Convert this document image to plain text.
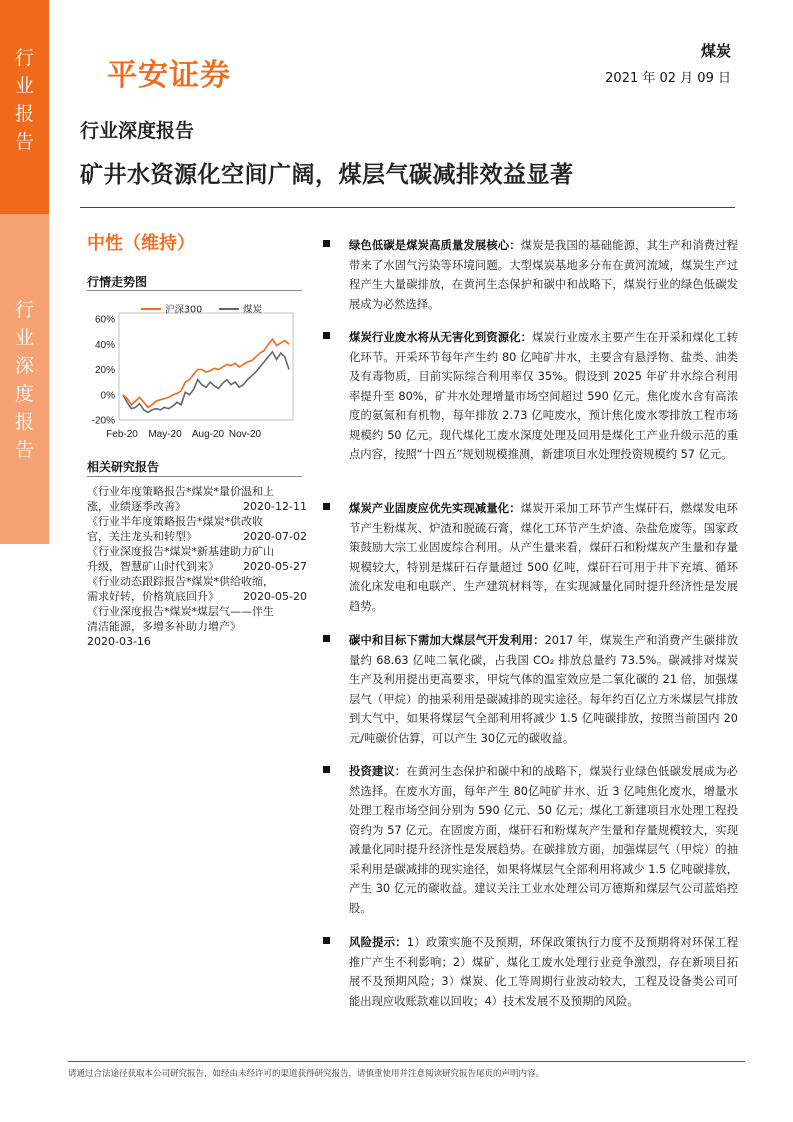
行
业
报
告
行
业
深
度
报
告
平安证券
煤炭
2021 年 02 月 09 日
行业深度报告
矿井水资源化空间广阔，煤层气碳减排效益显著
中性（维持）
行情走势图
60%
40%
20%
0%
-20%
Feb-20 May-20 Aug-20 Nov-20
沪深300	煤炭
相关研究报告
《行业年度策略报告*煤炭*量价温和上
涨，业绩逐季改善》	2020-12-11
《行业半年度策略报告*煤炭*供改收
官，关注龙头和转型》	2020-07-02
《行业深度报告*煤炭*新基建助力矿山
升级，智慧矿山时代到来》 2020-05-27
《行业动态跟踪报告*煤炭*供给收缩，
需求好转，价格筑底回升》 2020-05-20
《行业深度报告*煤炭*煤层气——伴生
清洁能源，多增多补助力增产》
2020-03-16
绿色低碳是煤炭高质量发展核心：煤炭是我国的基础能源，其生产和消费过程带来了水固气污染等环境问题。大型煤炭基地多分布在黄河流域，煤炭生产过程产生大量碳排放，在黄河生态保护和碳中和战略下，煤炭行业的绿色低碳发展成为必然选择。
煤炭行业废水将从无害化到资源化：煤炭行业废水主要产生在开采和煤化工转化环节。开采环节每年产生约 80 亿吨矿井水，主要含有悬浮物、盐类、油类及有毒物质，目前实际综合利用率仅 35%。假设到 2025 年矿井水综合利用率提升至 80%，矿井水处理增量市场空间超过 590 亿元。焦化废水含有高浓度的氨氮和有机物，每年排放 2.73 亿吨废水，预计焦化废水零排放工程市场规模约 50 亿元。现代煤化工废水深度处理及回用是煤化工产业升级示范的重点内容，按照“十四五”规划规模推测，新建项目水处理投资规模约 57 亿元。
煤炭产业固废应优先实现减量化：煤炭开采加工环节产生煤矸石，燃煤发电环节产生粉煤灰、炉渣和脱硫石膏，煤化工环节产生炉渣、杂盐危废等。国家政策鼓励大宗工业固废综合利用。从产生量来看，煤矸石和粉煤灰产生量和存量规模较大，特别是煤矸石存量超过 500 亿吨，煤矸石可用于井下充填、循环流化床发电和电联产、生产建筑材料等，在实现减量化同时提升经济性是发展趋势。
碳中和目标下需加大煤层气开发利用：2017 年，煤炭生产和消费产生碳排放量约 68.63 亿吨二氧化碳，占我国 CO₂ 排放总量约 73.5%。碳减排对煤炭生产及利用提出更高要求，甲烷气体的温室效应是二氧化碳的 21 倍，加强煤层气（甲烷）的抽采利用是碳减排的现实途径。每年约百亿立方米煤层气排放到大气中，如果将煤层气全部利用将减少 1.5 亿吨碳排放，按照当前国内 20元/吨碳价估算，可以产生 30亿元的碳收益。
投资建议：在黄河生态保护和碳中和的战略下，煤炭行业绿色低碳发展成为必然选择。在废水方面，每年产生 80亿吨矿井水、近 3 亿吨焦化废水，增量水处理工程市场空间分别为 590 亿元、50 亿元；煤化工新建项目水处理工程投资约为 57 亿元。在固废方面，煤矸石和粉煤灰产生量和存量规模较大，实现减量化同时提升经济性是发展趋势。在碳排放方面，加强煤层气（甲烷）的抽采利用是碳减排的现实途径，如果将煤层气全部利用将减少 1.5 亿吨碳排放，产生 30 亿元的碳收益。建议关注工业水处理公司万德斯和煤层气公司蓝焰控股。
风险提示：1）政策实施不及预期，环保政策执行力度不及预期将对环保工程推广产生不利影响；2）煤矿、煤化工废水处理行业竞争激烈，存在新项目拓展不及预期风险；3）煤炭、化工等周期行业波动较大，工程及设备类公司可能出现应收账款难以回收；4）技术发展不及预期的风险。
请通过合法途径获取本公司研究报告，如经由未经许可的渠道获得研究报告，请慎重使用并注意阅读研究报告尾页的声明内容。
